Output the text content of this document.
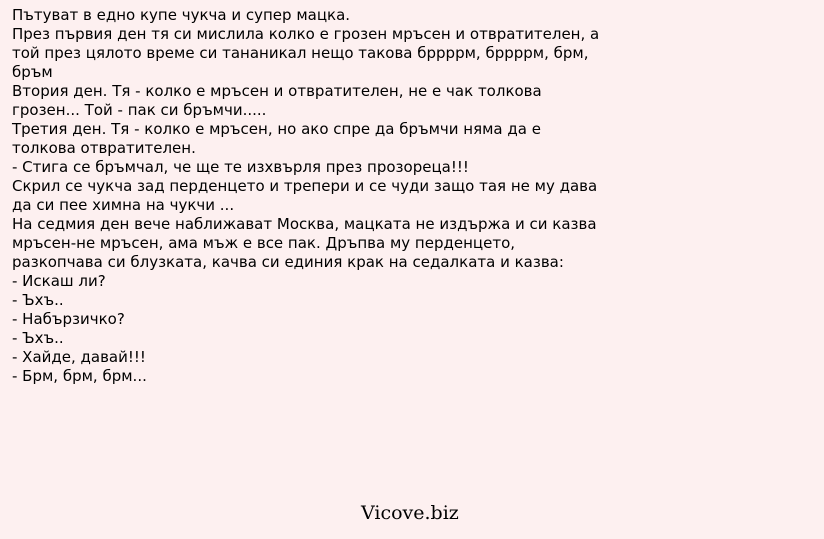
Пътуват в едно купе чукча и супер мацка.

През първия ден тя си мислила колко е грозен мръсен и отвратителен, а той през цялото време си тананикал нещо такова бррррм, бррррм, брм, бръм

Втория ден. Тя - колко е мръсен и отвратителен, не е чак толкова грозен... Той - пак си бръмчи.....

Третия ден. Тя - колко е мръсен, но ако спре да бръмчи няма да е толкова отвратителен.

- Стига се бръмчал, че ще те изхвърля през прозореца!!!

Скрил се чукча зад перденцето и трепери и се чуди защо тая не му дава да си пее химна на чукчи ...

На седмия ден вече наближават Москва, мацката не издържа и си казва мръсен-не мръсен, ама мъж е все пак. Дръпва му перденцето, разкопчава си блузката, качва си единия крак на седалката и казва:

- Искаш ли?

- Ъхъ..

- Набързичко?

- Ъхъ..

- Хайде, давай!!!

- Брм, брм, брм...

Vicove.biz
